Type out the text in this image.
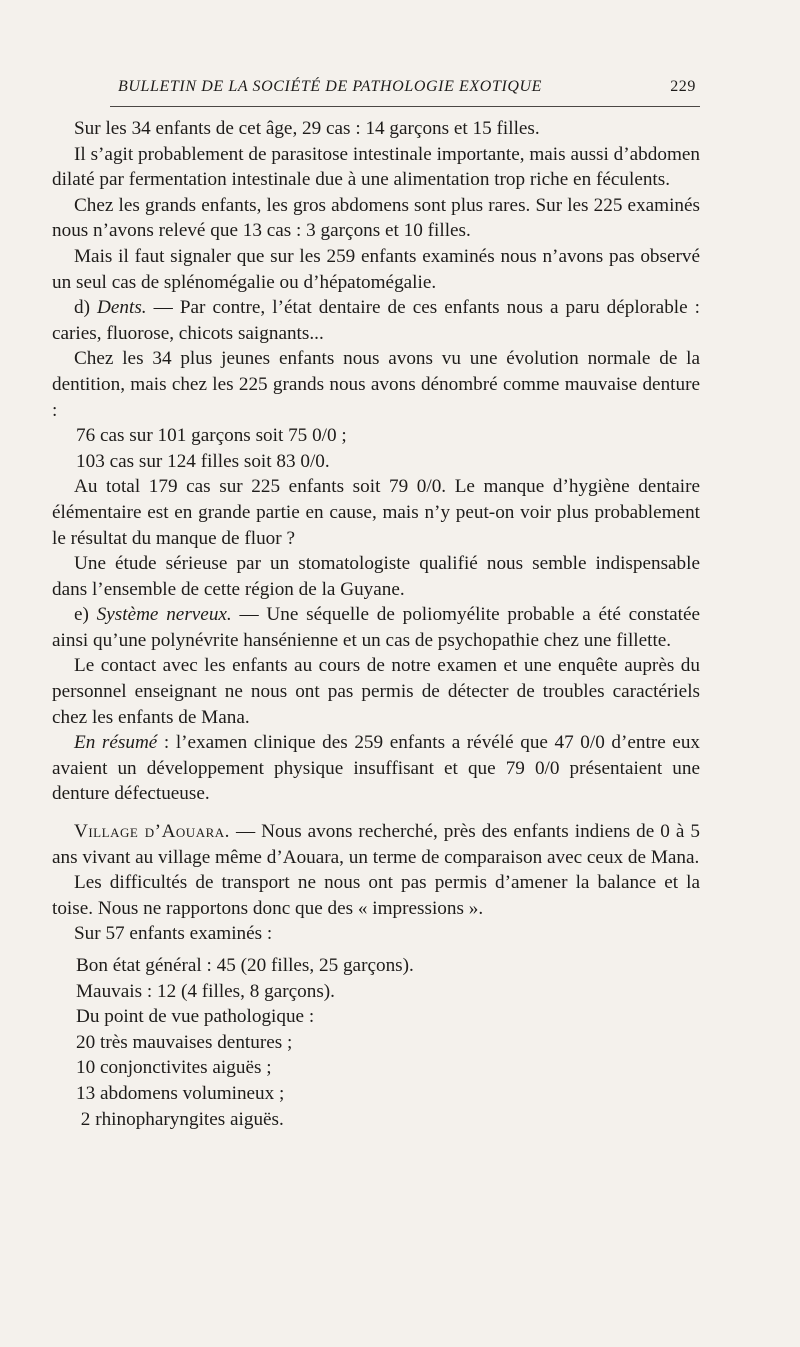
BULLETIN DE LA SOCIÉTÉ DE PATHOLOGIE EXOTIQUE	229

Sur les 34 enfants de cet âge, 29 cas : 14 garçons et 15 filles.

Il s’agit probablement de parasitose intestinale importante, mais aussi d’abdomen dilaté par fermentation intestinale due à une alimentation trop riche en féculents.

Chez les grands enfants, les gros abdomens sont plus rares. Sur les 225 examinés nous n’avons relevé que 13 cas : 3 garçons et 10 filles.

Mais il faut signaler que sur les 259 enfants examinés nous n’avons pas observé un seul cas de splénomégalie ou d’hépatomégalie.

d) Dents. — Par contre, l’état dentaire de ces enfants nous a paru déplorable : caries, fluorose, chicots saignants...

Chez les 34 plus jeunes enfants nous avons vu une évolution normale de la dentition, mais chez les 225 grands nous avons dénombré comme mauvaise denture :

76 cas sur 101 garçons soit 75 0/0 ;
103 cas sur 124 filles soit 83 0/0.

Au total 179 cas sur 225 enfants soit 79 0/0. Le manque d’hygiène dentaire élémentaire est en grande partie en cause, mais n’y peut-on voir plus probablement le résultat du manque de fluor ?

Une étude sérieuse par un stomatologiste qualifié nous semble indispensable dans l’ensemble de cette région de la Guyane.

e) Système nerveux. — Une séquelle de poliomyélite probable a été constatée ainsi qu’une polynévrite hansénienne et un cas de psychopathie chez une fillette.

Le contact avec les enfants au cours de notre examen et une enquête auprès du personnel enseignant ne nous ont pas permis de détecter de troubles caractériels chez les enfants de Mana.

En résumé : l’examen clinique des 259 enfants a révélé que 47 0/0 d’entre eux avaient un développement physique insuffisant et que 79 0/0 présentaient une denture défectueuse.

Village d’Aouara. — Nous avons recherché, près des enfants indiens de 0 à 5 ans vivant au village même d’Aouara, un terme de comparaison avec ceux de Mana.

Les difficultés de transport ne nous ont pas permis d’amener la balance et la toise. Nous ne rapportons donc que des « impressions ».

Sur 57 enfants examinés :

Bon état général : 45 (20 filles, 25 garçons).
Mauvais : 12 (4 filles, 8 garçons).
Du point de vue pathologique :
20 très mauvaises dentures ;
10 conjonctivites aiguës ;
13 abdomens volumineux ;
2 rhinopharyngites aiguës.
